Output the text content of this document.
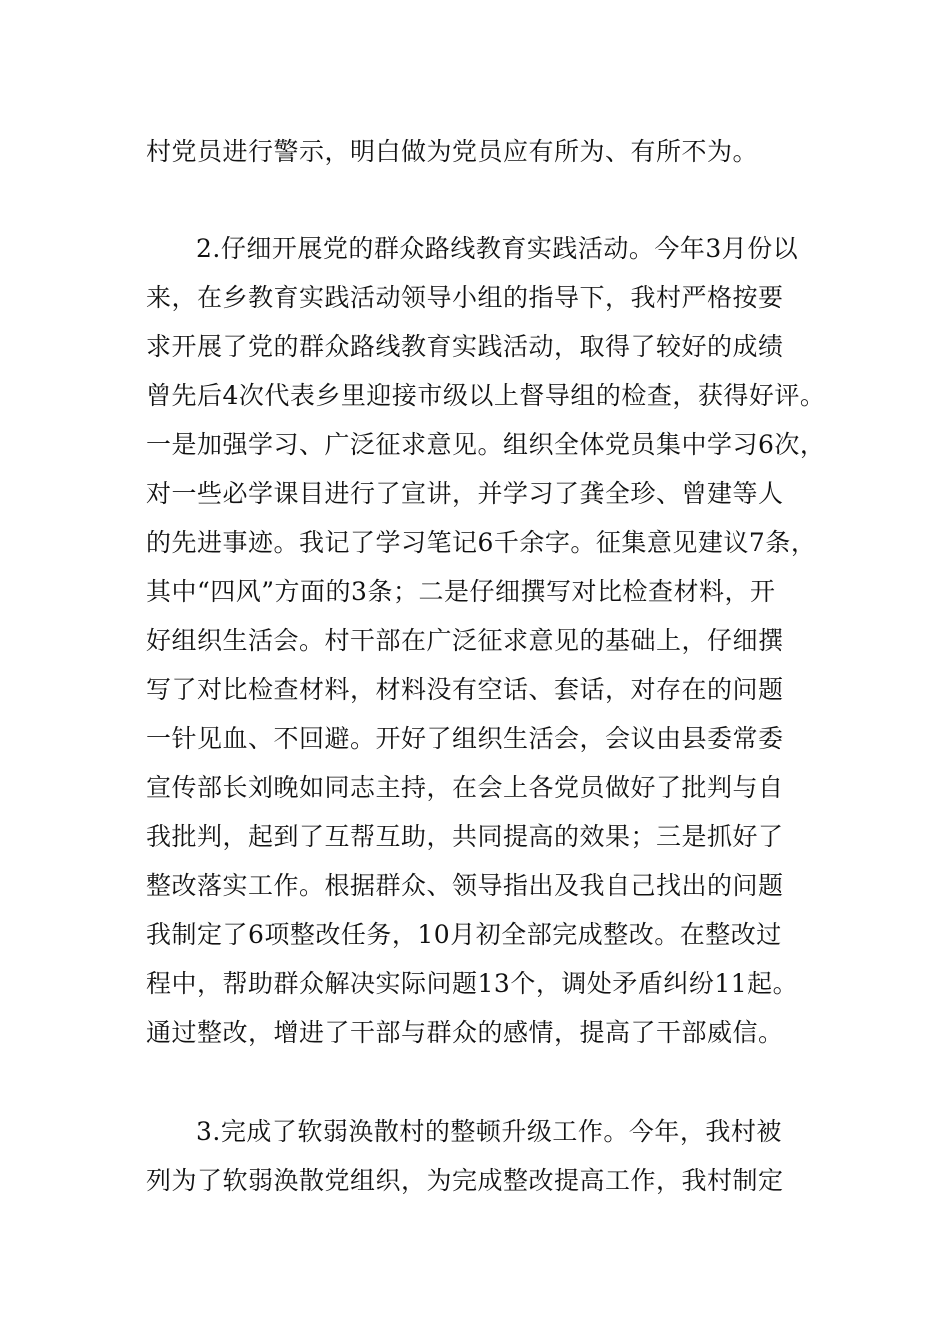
村党员进行警示，明白做为党员应有所为、有所不为。
2.仔细开展党的群众路线教育实践活动。今年3月份以
来，在乡教育实践活动领导小组的指导下，我村严格按要
求开展了党的群众路线教育实践活动，取得了较好的成绩
曾先后4次代表乡里迎接市级以上督导组的检查，获得好评。
一是加强学习、广泛征求意见。组织全体党员集中学习6次，
对一些必学课目进行了宣讲，并学习了龚全珍、曾建等人
的先进事迹。我记了学习笔记6千余字。征集意见建议7条，
其中“四风”方面的3条；二是仔细撰写对比检查材料，开
好组织生活会。村干部在广泛征求意见的基础上，仔细撰
写了对比检查材料，材料没有空话、套话，对存在的问题
一针见血、不回避。开好了组织生活会，会议由县委常委
宣传部长刘晚如同志主持，在会上各党员做好了批判与自
我批判，起到了互帮互助，共同提高的效果；三是抓好了
整改落实工作。根据群众、领导指出及我自己找出的问题
我制定了6项整改任务，10月初全部完成整改。在整改过
程中，帮助群众解决实际问题13个，调处矛盾纠纷11起。
通过整改，增进了干部与群众的感情，提高了干部威信。
3.完成了软弱涣散村的整顿升级工作。今年，我村被
列为了软弱涣散党组织，为完成整改提高工作，我村制定
